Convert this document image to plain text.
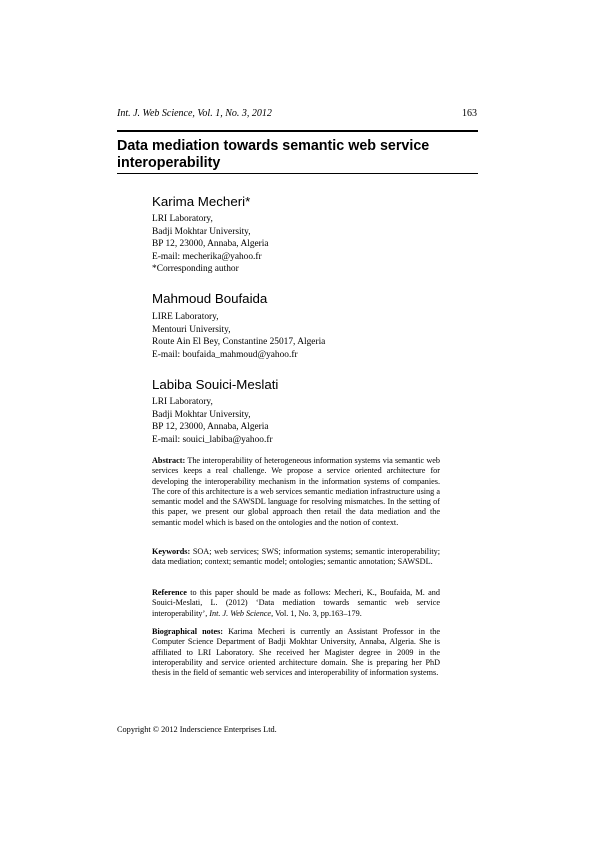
Int. J. Web Science, Vol. 1, No. 3, 2012	163
Data mediation towards semantic web service
interoperability
Karima Mecheri*
LRI Laboratory,
Badji Mokhtar University,
BP 12, 23000, Annaba, Algeria
E-mail: mecherika@yahoo.fr
*Corresponding author
Mahmoud Boufaida
LIRE Laboratory,
Mentouri University,
Route Ain El Bey, Constantine 25017, Algeria
E-mail: boufaida_mahmoud@yahoo.fr
Labiba Souici-Meslati
LRI Laboratory,
Badji Mokhtar University,
BP 12, 23000, Annaba, Algeria
E-mail: souici_labiba@yahoo.fr
Abstract: The interoperability of heterogeneous information systems via semantic web services keeps a real challenge. We propose a service oriented architecture for developing the interoperability mechanism in the information systems of companies. The core of this architecture is a web services semantic mediation infrastructure using a semantic model and the SAWSDL language for resolving mismatches. In the setting of this paper, we present our global approach then retail the data mediation and the semantic model which is based on the ontologies and the notion of context.
Keywords: SOA; web services; SWS; information systems; semantic interoperability; data mediation; context; semantic model; ontologies; semantic annotation; SAWSDL.
Reference to this paper should be made as follows: Mecheri, K., Boufaida, M. and Souici-Meslati, L. (2012) ‘Data mediation towards semantic web service interoperability’, Int. J. Web Science, Vol. 1, No. 3, pp.163–179.
Biographical notes: Karima Mecheri is currently an Assistant Professor in the Computer Science Department of Badji Mokhtar University, Annaba, Algeria. She is affiliated to LRI Laboratory. She received her Magister degree in 2009 in the interoperability and service oriented architecture domain. She is preparing her PhD thesis in the field of semantic web services and interoperability of information systems.
Copyright © 2012 Inderscience Enterprises Ltd.
